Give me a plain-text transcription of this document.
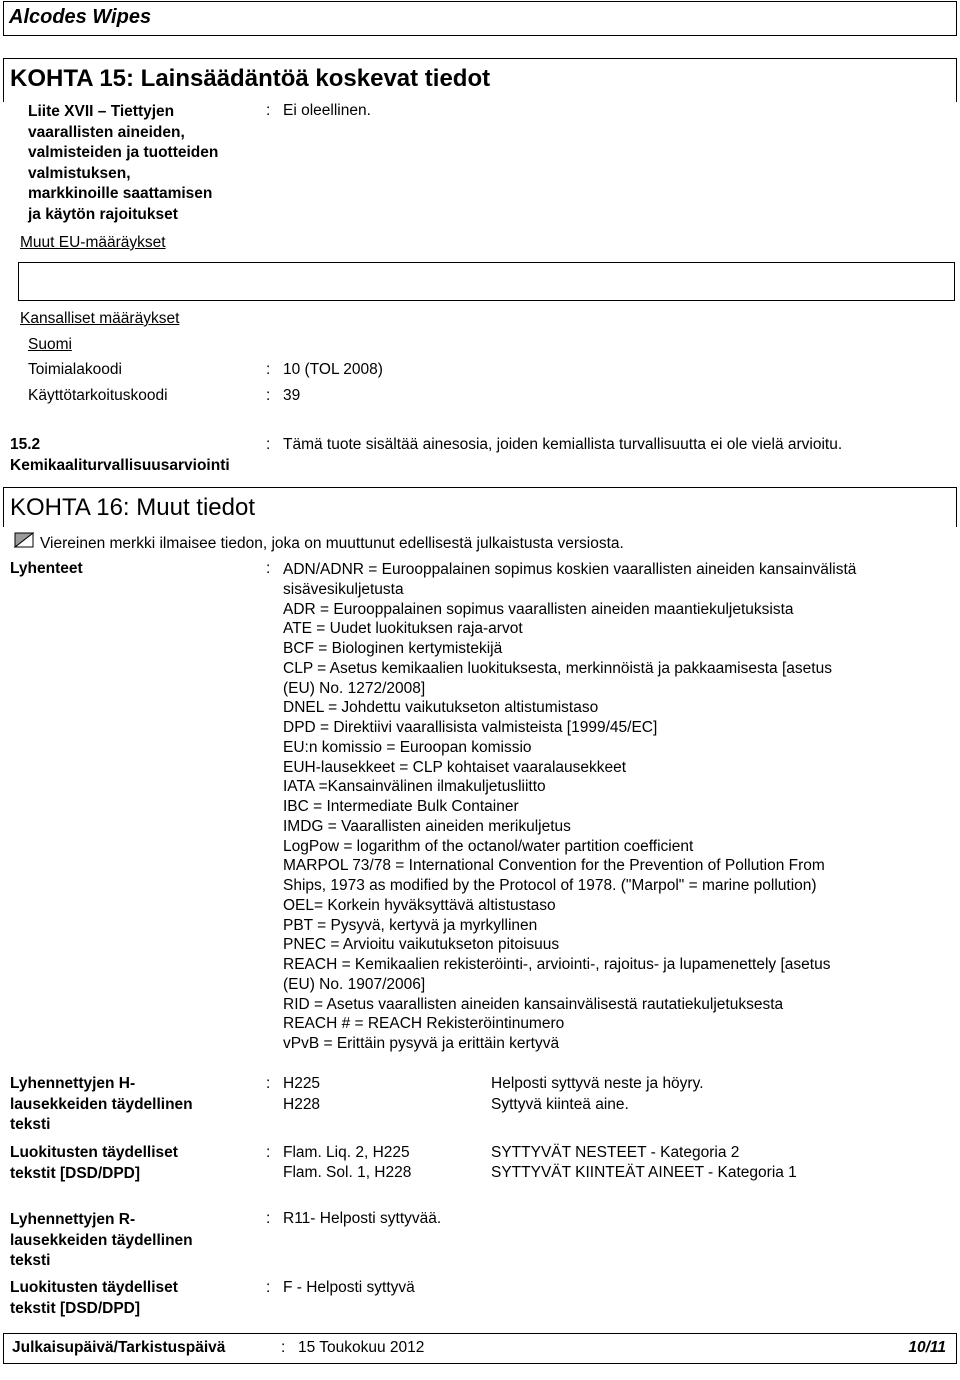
Alcodes Wipes
KOHTA 15: Lainsäädäntöä koskevat tiedot
Liite XVII – Tiettyjen
vaarallisten aineiden,
valmisteiden ja tuotteiden
valmistuksen,
markkinoille saattamisen
ja käytön rajoitukset
: Ei oleellinen.
Muut EU-määräykset
Kansalliset määräykset
Suomi
Toimialakoodi	: 10 (TOL 2008)
Käyttötarkoituskoodi	: 39
15.2
Kemikaaliturvallisuusarviointi
: Tämä tuote sisältää ainesosia, joiden kemiallista turvallisuutta ei ole vielä arvioitu.
KOHTA 16: Muut tiedot
Viereinen merkki ilmaisee tiedon, joka on muuttunut edellisestä julkaistusta versiosta.
Lyhenteet	: ADN/ADNR = Eurooppalainen sopimus koskien vaarallisten aineiden kansainvälistä
sisävesikuljetusta
ADR = Eurooppalainen sopimus vaarallisten aineiden maantiekuljetuksista
ATE = Uudet luokituksen raja-arvot
BCF = Biologinen kertymistekijä
CLP = Asetus kemikaalien luokituksesta, merkinnöistä ja pakkaamisesta [asetus
(EU) No. 1272/2008]
DNEL = Johdettu vaikutukseton altistumistaso
DPD = Direktiivi vaarallisista valmisteista [1999/45/EC]
EU:n komissio = Euroopan komissio
EUH-lausekkeet = CLP kohtaiset vaaralausekkeet
IATA =Kansainvälinen ilmakuljetusliitto
IBC = Intermediate Bulk Container
IMDG = Vaarallisten aineiden merikuljetus
LogPow = logarithm of the octanol/water partition coefficient
MARPOL 73/78 = International Convention for the Prevention of Pollution From
Ships, 1973 as modified by the Protocol of 1978. ("Marpol" = marine pollution)
OEL= Korkein hyväksyttävä altistustaso
PBT = Pysyvä, kertyvä ja myrkyllinen
PNEC = Arvioitu vaikutukseton pitoisuus
REACH = Kemikaalien rekisteröinti-, arviointi-, rajoitus- ja lupamenettely [asetus
(EU) No. 1907/2006]
RID = Asetus vaarallisten aineiden kansainvälisestä rautatiekuljetuksesta
REACH # = REACH Rekisteröintinumero
vPvB = Erittäin pysyvä ja erittäin kertyvä
Lyhennettyjen H-
lausekkeiden täydellinen
teksti
: H225	Helposti syttyvä neste ja höyry.
H228	Syttyvä kiinteä aine.
Luokitusten täydelliset
tekstit [DSD/DPD]
: Flam. Liq. 2, H225	SYTTYVÄT NESTEET - Kategoria 2
Flam. Sol. 1, H228	SYTTYVÄT KIINTEÄT AINEET - Kategoria 1
Lyhennettyjen R-
lausekkeiden täydellinen
teksti
: R11- Helposti syttyvää.
Luokitusten täydelliset
tekstit [DSD/DPD]
: F - Helposti syttyvä
Julkaisupäivä/Tarkistuspäivä	: 15 Toukokuu 2012	10/11
